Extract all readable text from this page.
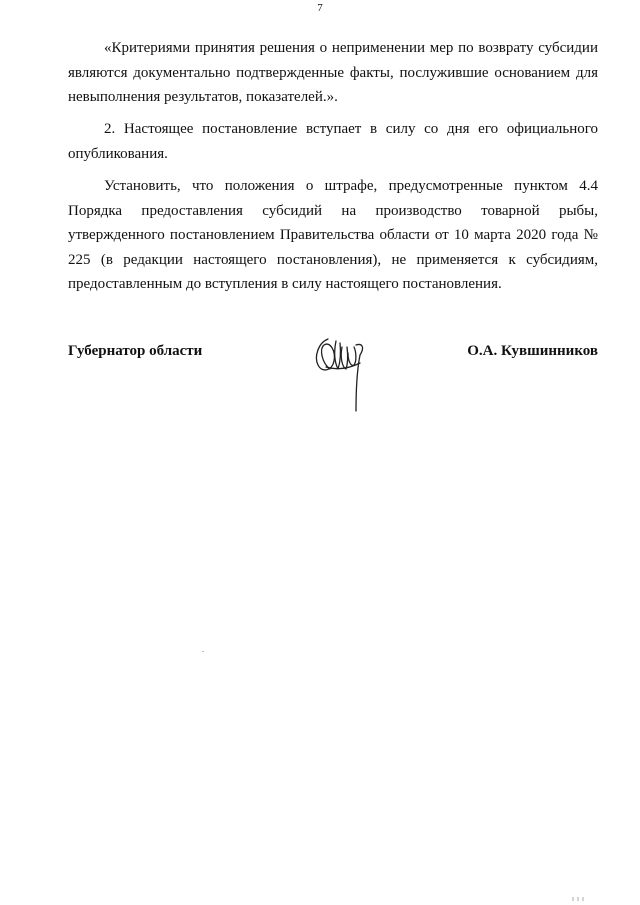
7

«Критериями принятия решения о неприменении мер по возврату субсидии являются документально подтвержденные факты, послужившие основанием для невыполнения результатов, показателей.».

2. Настоящее постановление вступает в силу со дня его официального опубликования.

Установить, что положения о штрафе, предусмотренные пунктом 4.4 Порядка предоставления субсидий на производство товарной рыбы, утвержденного постановлением Правительства области от 10 марта 2020 года № 225 (в редакции настоящего постановления), не применяется к субсидиям, предоставленным до вступления в силу настоящего постановления.

Губернатор области	О.А. Кувшинников
